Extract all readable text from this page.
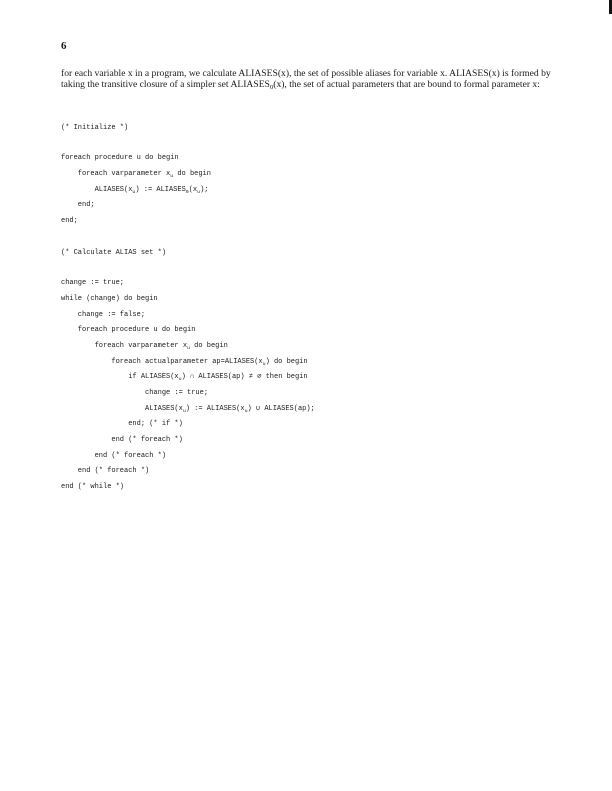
6

for each variable x in a program, we calculate ALIASES(x), the set of possible aliases for variable x. ALIASES(x) is formed by taking the transitive closure of a simpler set $ALIASES_0(x)$, the set of actual parameters that are bound to formal parameter x:

(* Initialize *)

foreach procedure u do begin

foreach varparameter $x_u$ do begin

$ALIASES(x_u)$ := $ALIASES_0(x_u)$;

end;

end;

(* Calculate ALIAS set *)

change := true;

while (change) do begin

change := false;

foreach procedure u do begin

foreach varparameter $x_u$ do begin

foreach actualparameter $ap=ALIASES(x_u)$ do begin

if $ALIASES(x_u)$ ∩ ALIASES(ap) ≠ ∅ then begin

change := true;

$ALIASES(x_u)$ := $ALIASES(x_u)$ ∪ ALIASES(ap);

end; (* if *)

end (* foreach *)

end (* foreach *)

end (* foreach *)

end (* while *)
